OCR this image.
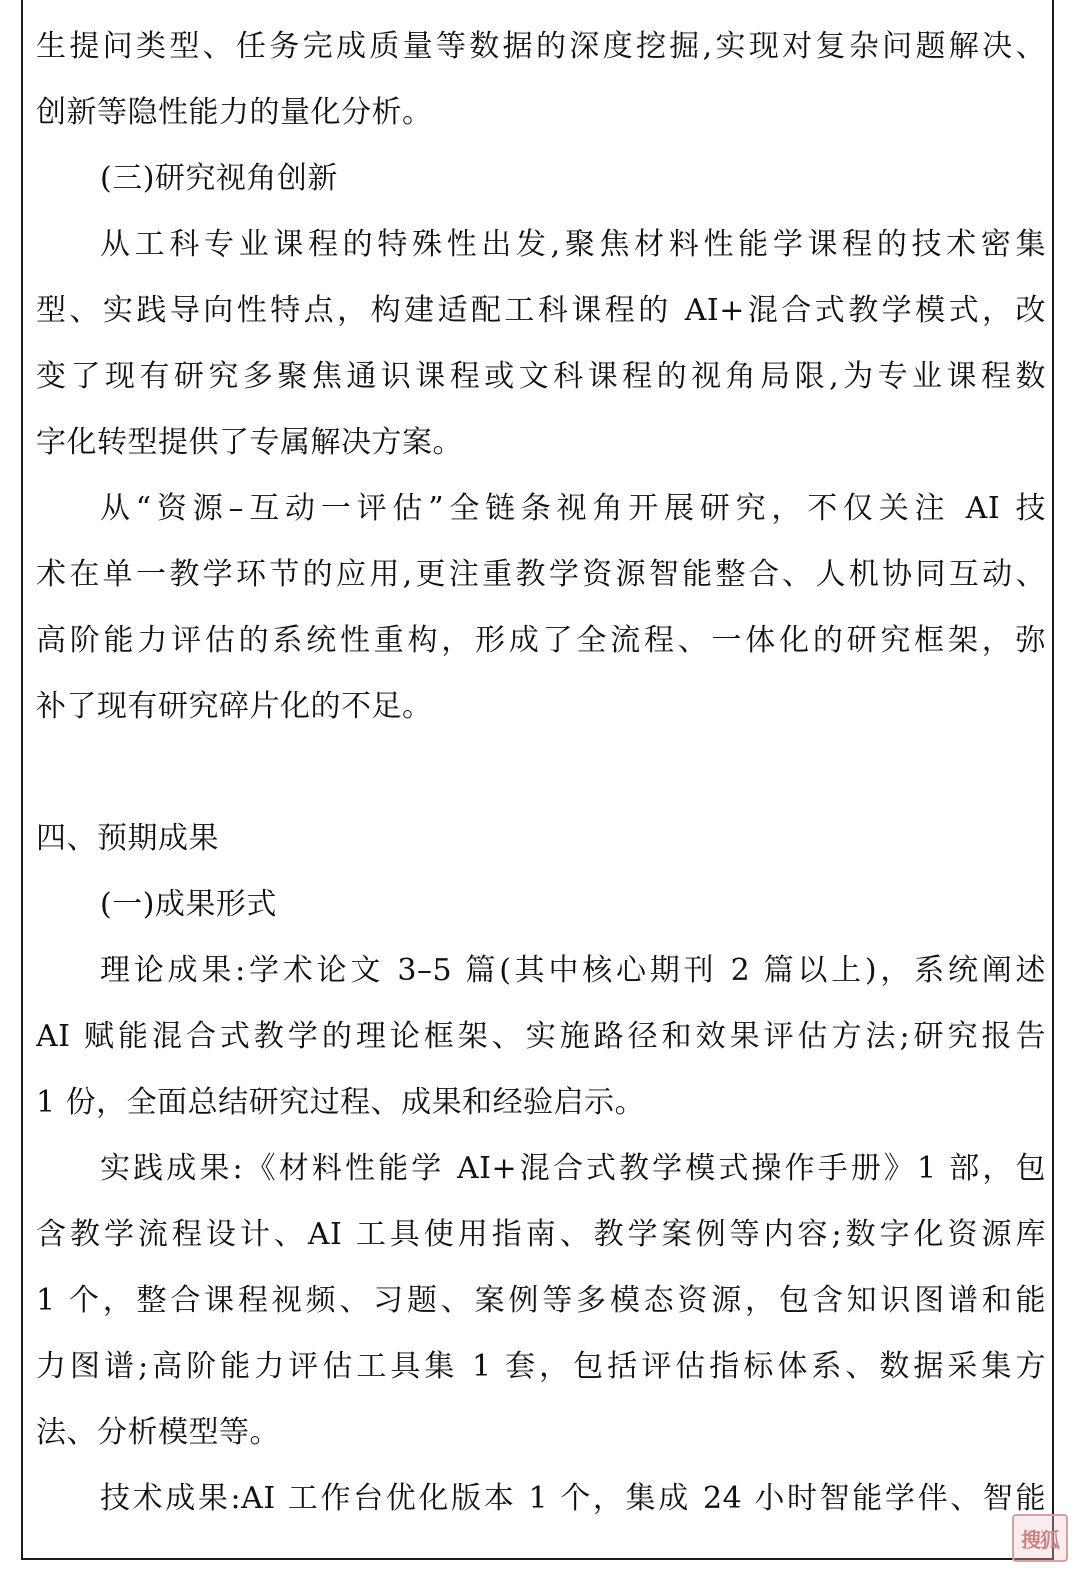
生提问类型、任务完成质量等数据的深度挖掘,实现对复杂问题解决、
创新等隐性能力的量化分析。
(三)研究视角创新
从工科专业课程的特殊性出发,聚焦材料性能学课程的技术密集
型、实践导向性特点，构建适配工科课程的 AI+混合式教学模式，改
变了现有研究多聚焦通识课程或文科课程的视角局限,为专业课程数
字化转型提供了专属解决方案。
从“资源–互动一评估”全链条视角开展研究，不仅关注 AI 技
术在单一教学环节的应用,更注重教学资源智能整合、人机协同互动、
高阶能力评估的系统性重构，形成了全流程、一体化的研究框架，弥
补了现有研究碎片化的不足。
四、预期成果
(一)成果形式
理论成果:学术论文 3–5 篇(其中核心期刊 2 篇以上)，系统阐述
AI 赋能混合式教学的理论框架、实施路径和效果评估方法;研究报告
1 份，全面总结研究过程、成果和经验启示。
实践成果:《材料性能学 AI+混合式教学模式操作手册》1 部，包
含教学流程设计、AI 工具使用指南、教学案例等内容;数字化资源库
1 个，整合课程视频、习题、案例等多模态资源，包含知识图谱和能
力图谱;高阶能力评估工具集 1 套，包括评估指标体系、数据采集方
法、分析模型等。
技术成果:AI 工作台优化版本 1 个，集成 24 小时智能学伴、智能
搜狐
